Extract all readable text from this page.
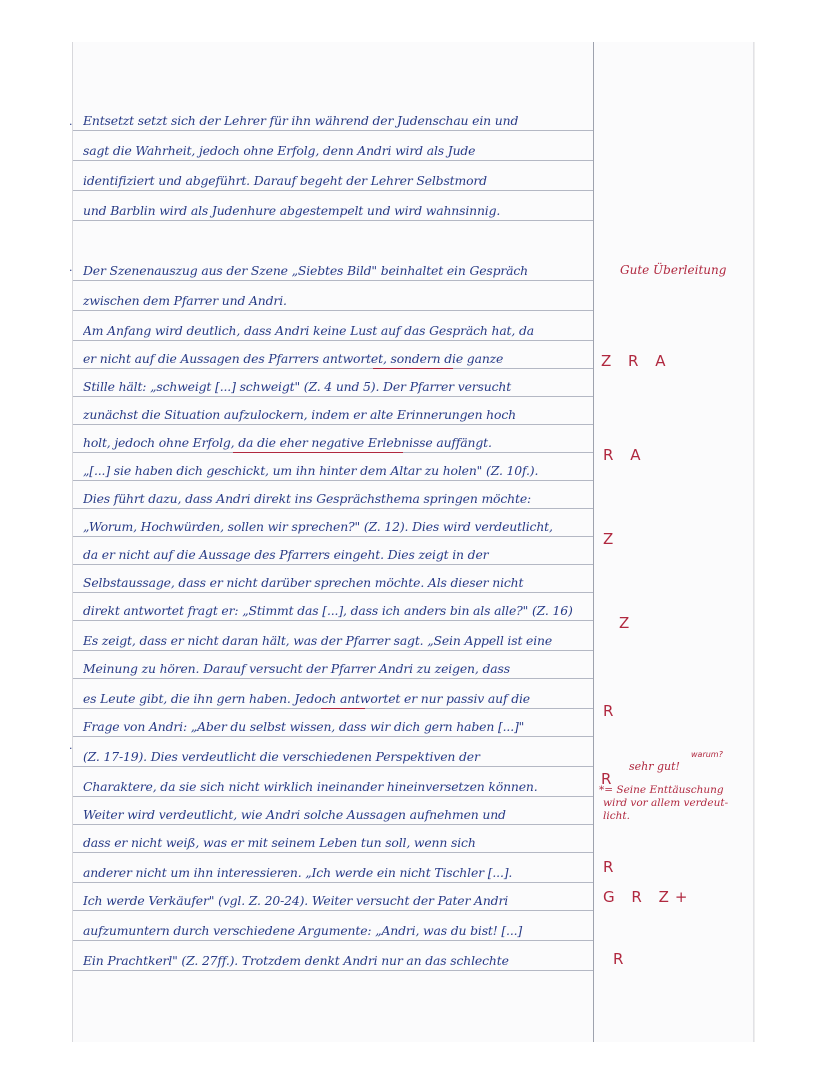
·
·
·
Entsetzt setzt sich der Lehrer für ihn während der Judenschau ein und
sagt die Wahrheit, jedoch ohne Erfolg, denn Andri wird als Jude
identifiziert und abgeführt. Darauf begeht der Lehrer Selbstmord
und Barblin wird als Judenhure abgestempelt und wird wahnsinnig.
Der Szenenauszug aus der Szene „Siebtes Bild" beinhaltet ein Gespräch
zwischen dem Pfarrer und Andri.
Am Anfang wird deutlich, dass Andri keine Lust auf das Gespräch hat, da
er nicht auf die Aussagen des Pfarrers antwortet, sondern die ganze
Stille hält: „schweigt [...] schweigt" (Z. 4 und 5). Der Pfarrer versucht
zunächst die Situation aufzulockern, indem er alte Erinnerungen hoch
holt, jedoch ohne Erfolg, da die eher negative Erlebnisse auffängt.
„[...] sie haben dich geschickt, um ihn hinter dem Altar zu holen" (Z. 10f.).
Dies führt dazu, dass Andri direkt ins Gesprächsthema springen möchte:
„Worum, Hochwürden, sollen wir sprechen?" (Z. 12). Dies wird verdeutlicht,
da er nicht auf die Aussage des Pfarrers eingeht. Dies zeigt in der
Selbstaussage, dass er nicht darüber sprechen möchte. Als dieser nicht
direkt antwortet fragt er: „Stimmt das [...], dass ich anders bin als alle?" (Z. 16)
Es zeigt, dass er nicht daran hält, was der Pfarrer sagt. „Sein Appell ist eine
Meinung zu hören. Darauf versucht der Pfarrer Andri zu zeigen, dass
es Leute gibt, die ihn gern haben. Jedoch antwortet er nur passiv auf die
Frage von Andri: „Aber du selbst wissen, dass wir dich gern haben [...]"
(Z. 17-19). Dies verdeutlicht die verschiedenen Perspektiven der
Charaktere, da sie sich nicht wirklich ineinander hineinversetzen können.
Weiter wird verdeutlicht, wie Andri solche Aussagen aufnehmen und
dass er nicht weiß, was er mit seinem Leben tun soll, wenn sich
anderer nicht um ihn interessieren. „Ich werde ein nicht Tischler [...].
Ich werde Verkäufer" (vgl. Z. 20-24). Weiter versucht der Pater Andri
aufzumuntern durch verschiedene Argumente: „Andri, was du bist! [...]
Ein Prachtkerl" (Z. 27ff.). Trotzdem denkt Andri nur an das schlechte
Gute Überleitung
Z R A
R A
Z
Z
R
R
sehr gut!
warum?
*= Seine Enttäuschung
wird vor allem verdeut-
licht.
R
G R Z+
R
